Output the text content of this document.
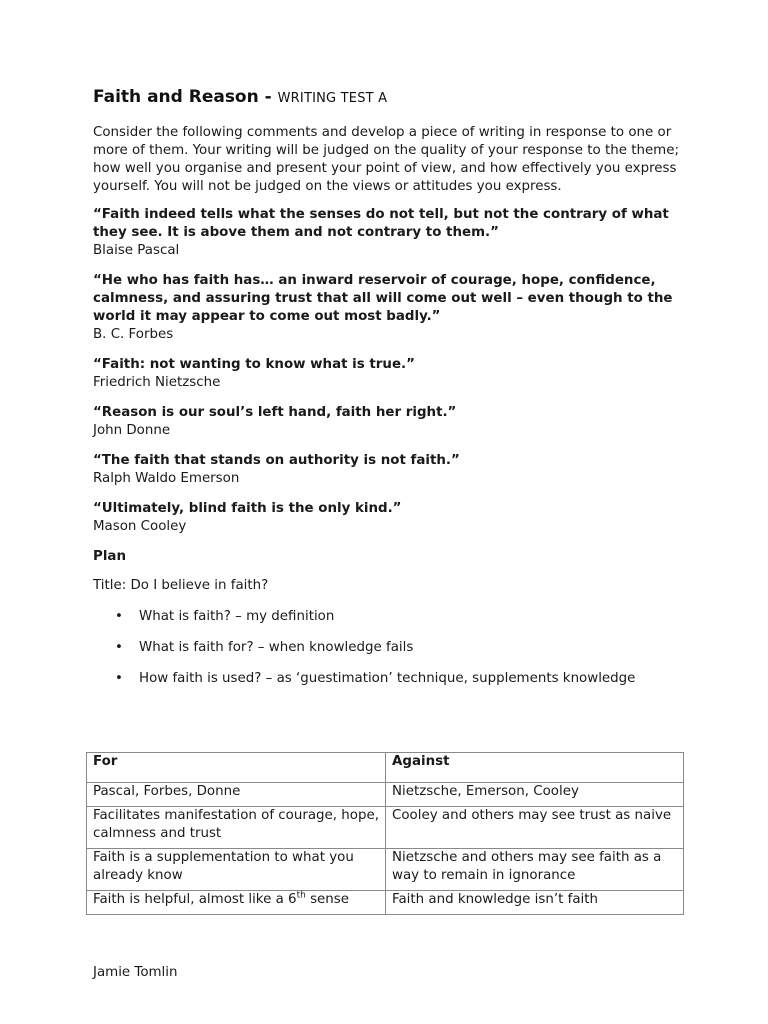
Faith and Reason - WRITING TEST A

Consider the following comments and develop a piece of writing in response to one or more of them. Your writing will be judged on the quality of your response to the theme; how well you organise and present your point of view, and how effectively you express yourself. You will not be judged on the views or attitudes you express.

“Faith indeed tells what the senses do not tell, but not the contrary of what they see. It is above them and not contrary to them.”

Blaise Pascal

“He who has faith has… an inward reservoir of courage, hope, confidence, calmness, and assuring trust that all will come out well – even though to the world it may appear to come out most badly.”

B. C. Forbes

“Faith: not wanting to know what is true.”

Friedrich Nietzsche

“Reason is our soul’s left hand, faith her right.”

John Donne

“The faith that stands on authority is not faith.”

Ralph Waldo Emerson

“Ultimately, blind faith is the only kind.”

Mason Cooley

Plan

Title: Do I believe in faith?

• What is faith? – my definition
• What is faith for? – when knowledge fails
• How faith is used? – as ‘guestimation’ technique, supplements knowledge
For	Against
Pascal, Forbes, Donne	Nietzsche, Emerson, Cooley
Facilitates manifestation of courage, hope, calmness and trust	Cooley and others may see trust as naive
Faith is a supplementation to what you already know	Nietzsche and others may see faith as a way to remain in ignorance
Faith is helpful, almost like a 6th sense	Faith and knowledge isn’t faith
Jamie Tomlin
